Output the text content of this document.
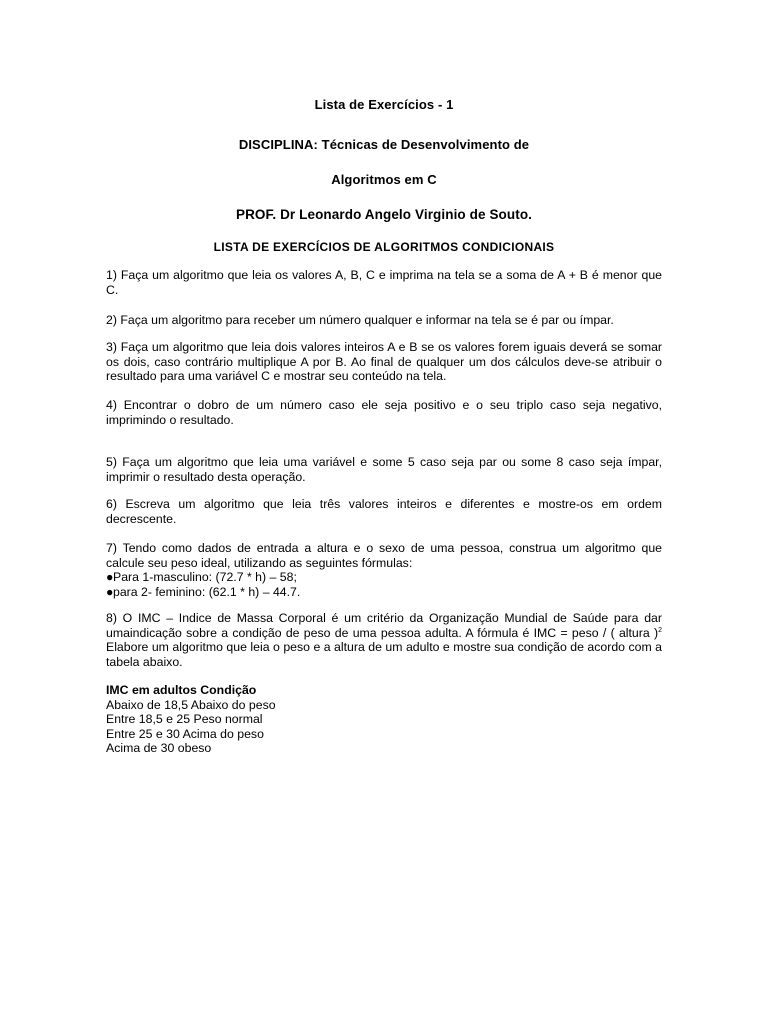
Lista de Exercícios - 1
DISCIPLINA: Técnicas de Desenvolvimento de
Algoritmos em C
PROF. Dr Leonardo Angelo Virginio de Souto.
LISTA DE EXERCÍCIOS DE ALGORITMOS CONDICIONAIS
1) Faça um algoritmo que leia os valores A, B, C e imprima na tela se a soma de A + B é menor que C.
2) Faça um algoritmo para receber um número qualquer e informar na tela se é par ou ímpar.
3) Faça um algoritmo que leia dois valores inteiros A e B se os valores forem iguais deverá se somar os dois, caso contrário multiplique A por B. Ao final de qualquer um dos cálculos deve-se atribuir o resultado para uma variável C e mostrar seu conteúdo na tela.
4) Encontrar o dobro de um número caso ele seja positivo e o seu triplo caso seja negativo, imprimindo o resultado.
5) Faça um algoritmo que leia uma variável e some 5 caso seja par ou some 8 caso seja ímpar, imprimir o resultado desta operação.
6) Escreva um algoritmo que leia três valores inteiros e diferentes e mostre-os em ordem decrescente.
7) Tendo como dados de entrada a altura e o sexo de uma pessoa, construa um algoritmo que calcule seu peso ideal, utilizando as seguintes fórmulas:
●Para 1-masculino: (72.7 * h) – 58;
●para 2- feminino: (62.1 * h) – 44.7.
8) O IMC – Indice de Massa Corporal é um critério da Organização Mundial de Saúde para dar umaindicação sobre a condição de peso de uma pessoa adulta. A fórmula é IMC = peso / ( altura )$^2$ Elabore um algoritmo que leia o peso e a altura de um adulto e mostre sua condição de acordo com a tabela abaixo.
IMC em adultos Condição
Abaixo de 18,5 Abaixo do peso
Entre 18,5 e 25 Peso normal
Entre 25 e 30 Acima do peso
Acima de 30 obeso
